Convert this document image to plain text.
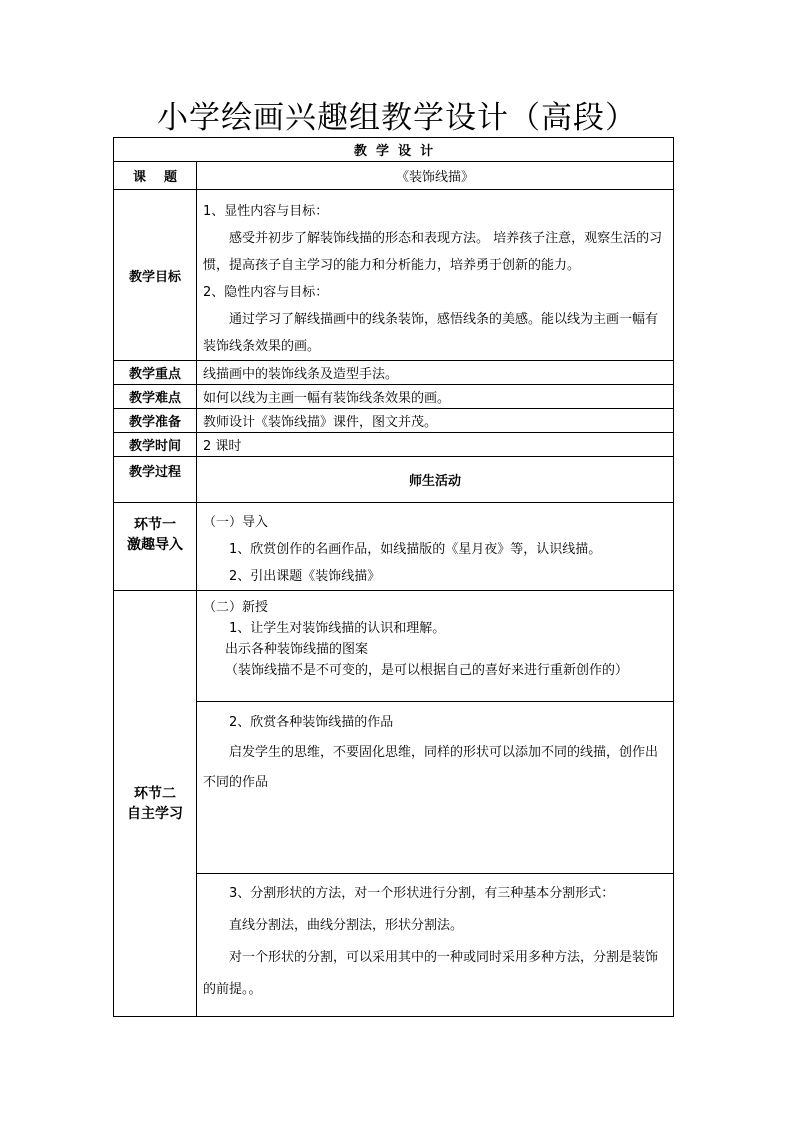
小学绘画兴趣组教学设计（高段）
教  学  设  计	
课    题	《装饰线描》
教学目标	1、显性内容与目标：
感受并初步了解装饰线描的形态和表现方法。 培养孩子注意，观察生活的习惯，提高孩子自主学习的能力和分析能力，培养勇于创新的能力。
2、隐性内容与目标：
通过学习了解线描画中的线条装饰，感悟线条的美感。能以线为主画一幅有装饰线条效果的画。

教学重点	线描画中的装饰线条及造型手法。
教学难点	如何以线为主画一幅有装饰线条效果的画。
教学准备	教师设计《装饰线描》课件，图文并茂。
教学时间	2 课时
教学过程	师生活动

环节一
激趣导入	（一）导入
1、欣赏创作的名画作品，如线描版的《星月夜》等，认识线描。
2、引出课题《装饰线描》

环节二
自主学习	（二）新授
1、让学生对装饰线描的认识和理解。
出示各种装饰线描的图案
（装饰线描不是不可变的，是可以根据自己的喜好来进行重新创作的）

	2、欣赏各种装饰线描的作品
启发学生的思维，不要固化思维，同样的形状可以添加不同的线描，创作出不同的作品

	3、分割形状的方法，对一个形状进行分割，有三种基本分割形式：
直线分割法，曲线分割法，形状分割法。
对一个形状的分割，可以采用其中的一种或同时采用多种方法，分割是装饰的前提。。
